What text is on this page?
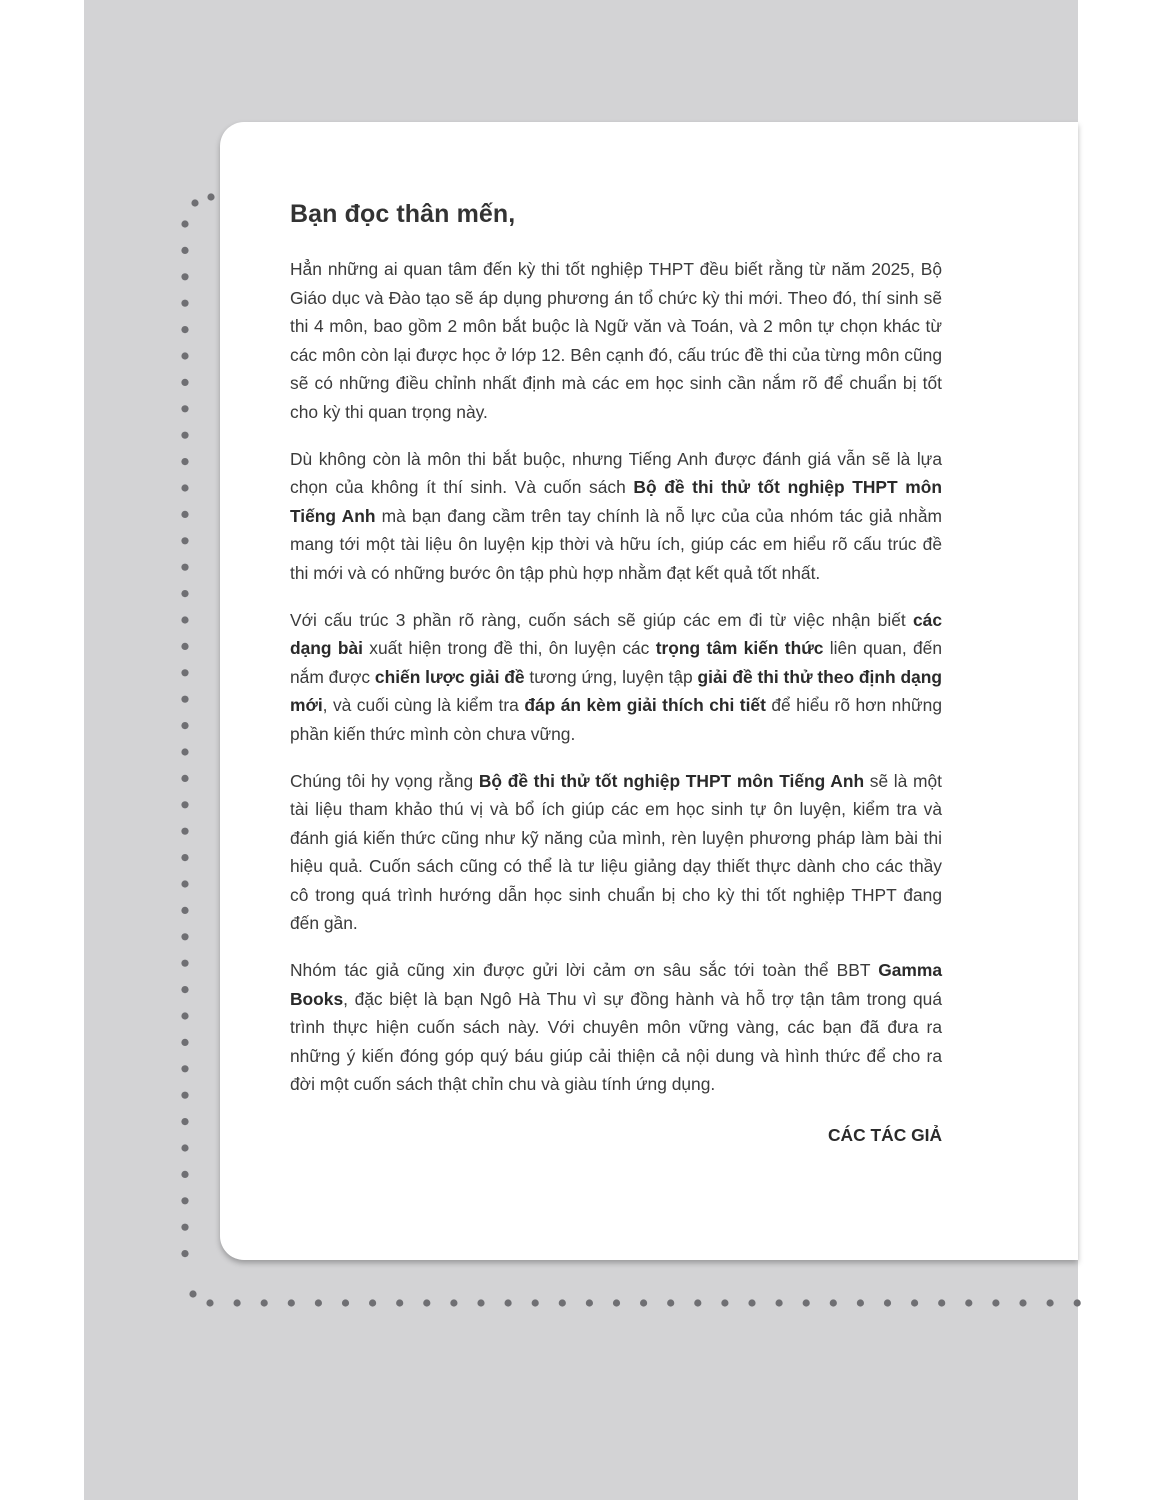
Bạn đọc thân mến,

Hẳn những ai quan tâm đến kỳ thi tốt nghiệp THPT đều biết rằng từ năm 2025, Bộ Giáo dục và Đào tạo sẽ áp dụng phương án tổ chức kỳ thi mới. Theo đó, thí sinh sẽ thi 4 môn, bao gồm 2 môn bắt buộc là Ngữ văn và Toán, và 2 môn tự chọn khác từ các môn còn lại được học ở lớp 12. Bên cạnh đó, cấu trúc đề thi của từng môn cũng sẽ có những điều chỉnh nhất định mà các em học sinh cần nắm rõ để chuẩn bị tốt cho kỳ thi quan trọng này.

Dù không còn là môn thi bắt buộc, nhưng Tiếng Anh được đánh giá vẫn sẽ là lựa chọn của không ít thí sinh. Và cuốn sách Bộ đề thi thử tốt nghiệp THPT môn Tiếng Anh mà bạn đang cầm trên tay chính là nỗ lực của của nhóm tác giả nhằm mang tới một tài liệu ôn luyện kịp thời và hữu ích, giúp các em hiểu rõ cấu trúc đề thi mới và có những bước ôn tập phù hợp nhằm đạt kết quả tốt nhất.

Với cấu trúc 3 phần rõ ràng, cuốn sách sẽ giúp các em đi từ việc nhận biết các dạng bài xuất hiện trong đề thi, ôn luyện các trọng tâm kiến thức liên quan, đến nắm được chiến lược giải đề tương ứng, luyện tập giải đề thi thử theo định dạng mới, và cuối cùng là kiểm tra đáp án kèm giải thích chi tiết để hiểu rõ hơn những phần kiến thức mình còn chưa vững.

Chúng tôi hy vọng rằng Bộ đề thi thử tốt nghiệp THPT môn Tiếng Anh sẽ là một tài liệu tham khảo thú vị và bổ ích giúp các em học sinh tự ôn luyện, kiểm tra và đánh giá kiến thức cũng như kỹ năng của mình, rèn luyện phương pháp làm bài thi hiệu quả. Cuốn sách cũng có thể là tư liệu giảng dạy thiết thực dành cho các thầy cô trong quá trình hướng dẫn học sinh chuẩn bị cho kỳ thi tốt nghiệp THPT đang đến gần.

Nhóm tác giả cũng xin được gửi lời cảm ơn sâu sắc tới toàn thể BBT Gamma Books, đặc biệt là bạn Ngô Hà Thu vì sự đồng hành và hỗ trợ tận tâm trong quá trình thực hiện cuốn sách này. Với chuyên môn vững vàng, các bạn đã đưa ra những ý kiến đóng góp quý báu giúp cải thiện cả nội dung và hình thức để cho ra đời một cuốn sách thật chỉn chu và giàu tính ứng dụng.

CÁC TÁC GIẢ
